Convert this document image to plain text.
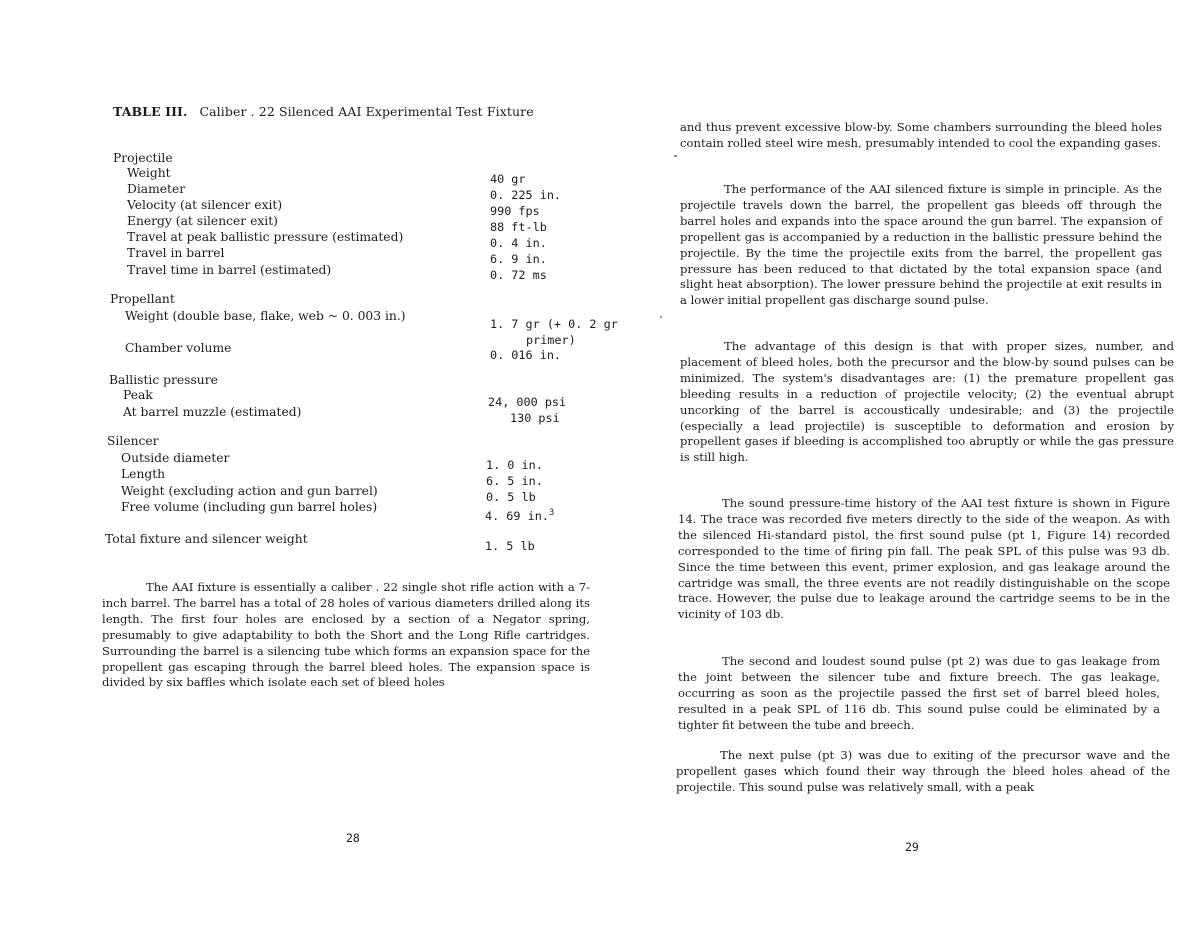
TABLE III. Caliber . 22 Silenced AAI Experimental Test Fixture
Projectile
Weight
Diameter
Velocity (at silencer exit)
Energy (at silencer exit)
Travel at peak ballistic pressure (estimated)
Travel in barrel
Travel time in barrel (estimated)
40 gr
0. 225 in.
990 fps
88 ft-lb
0. 4 in.
6. 9 in.
0. 72 ms
Propellant
Weight (double base, flake, web ~ 0. 003 in.)
Chamber volume
1. 7 gr (+ 0. 2 gr
primer)
0. 016 in.
Ballistic pressure
Peak
At barrel muzzle (estimated)
24, 000 psi
130 psi
Silencer
Outside diameter
Length
Weight (excluding action and gun barrel)
Free volume (including gun barrel holes)
1. 0 in.
6. 5 in.
0. 5 lb
4. 69 in.$^3$
Total fixture and silencer weight	1. 5 lb

The AAI fixture is essentially a caliber . 22 single shot rifle action with a 7-inch barrel. The barrel has a total of 28 holes of various diameters drilled along its length. The first four holes are enclosed by a section of a Negator spring, presumably to give adaptability to both the Short and the Long Rifle cartridges. Surrounding the barrel is a silencing tube which forms an expansion space for the propellent gas escaping through the barrel bleed holes. The expansion space is divided by six baffles which isolate each set of bleed holes

28

and thus prevent excessive blow-by. Some chambers surrounding the bleed holes contain rolled steel wire mesh, presumably intended to cool the expanding gases.

The performance of the AAI silenced fixture is simple in principle. As the projectile travels down the barrel, the propellent gas bleeds off through the barrel holes and expands into the space around the gun barrel. The expansion of propellent gas is accompanied by a reduction in the ballistic pressure behind the projectile. By the time the projectile exits from the barrel, the propellent gas pressure has been reduced to that dictated by the total expansion space (and slight heat absorption). The lower pressure behind the projectile at exit results in a lower initial propellent gas discharge sound pulse.

The advantage of this design is that with proper sizes, number, and placement of bleed holes, both the precursor and the blow-by sound pulses can be minimized. The system's disadvantages are: (1) the premature propellent gas bleeding results in a reduction of projectile velocity; (2) the eventual abrupt uncorking of the barrel is accoustically undesirable; and (3) the projectile (especially a lead projectile) is susceptible to deformation and erosion by propellent gases if bleeding is accomplished too abruptly or while the gas pressure is still high.

The sound pressure-time history of the AAI test fixture is shown in Figure 14. The trace was recorded five meters directly to the side of the weapon. As with the silenced Hi-standard pistol, the first sound pulse (pt 1, Figure 14) recorded corresponded to the time of firing pin fall. The peak SPL of this pulse was 93 db. Since the time between this event, primer explosion, and gas leakage around the cartridge was small, the three events are not readily distinguishable on the scope trace. However, the pulse due to leakage around the cartridge seems to be in the vicinity of 103 db.

The second and loudest sound pulse (pt 2) was due to gas leakage from the joint between the silencer tube and fixture breech. The gas leakage, occurring as soon as the projectile passed the first set of barrel bleed holes, resulted in a peak SPL of 116 db. This sound pulse could be eliminated by a tighter fit between the tube and breech.

The next pulse (pt 3) was due to exiting of the precursor wave and the propellent gases which found their way through the bleed holes ahead of the projectile. This sound pulse was relatively small, with a peak

29
